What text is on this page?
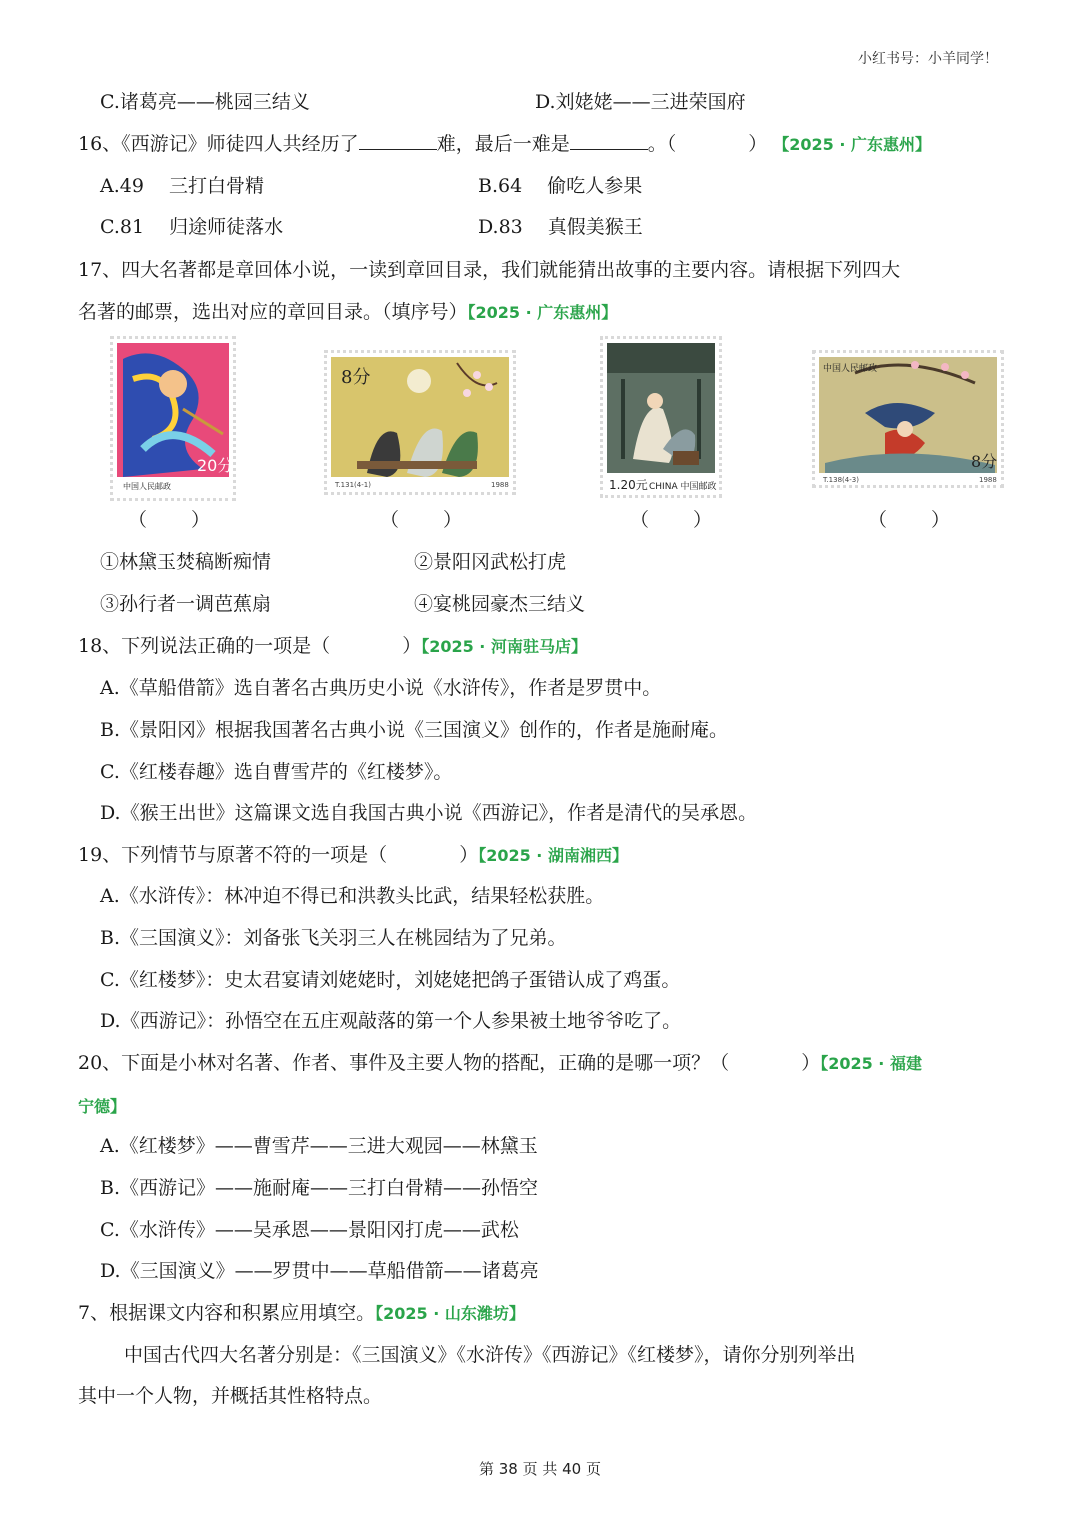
小红书号：小羊同学！
C.诸葛亮——桃园三结义	D.刘姥姥——三进荣国府
16、《西游记》师徒四人共经历了	难，最后一难是	。（	） 【2025 · 广东惠州】
A.49　 三打白骨精	B.64　 偷吃人参果
C.81　 归途师徒落水	D.83　 真假美猴王
17、四大名著都是章回体小说，一读到章回目录，我们就能猜出故事的主要内容。请根据下列四大
名著的邮票，选出对应的章回目录。（填序号）【2025 · 广东惠州】
20分
中国人民邮政
8分
T.131(4-1)	1988	1.20元 CHINA 中国邮政
中国人民邮政
8分
T.138(4-3)	1988
（ ）	（ ）	（ ）	（ ）
①林黛玉焚稿断痴情	②景阳冈武松打虎
③孙行者一调芭蕉扇	④宴桃园豪杰三结义
18、下列说法正确的一项是（	）【2025 · 河南驻马店】
A.《草船借箭》选自著名古典历史小说《水浒传》，作者是罗贯中。
B.《景阳冈》根据我国著名古典小说《三国演义》创作的，作者是施耐庵。
C.《红楼春趣》选自曹雪芹的《红楼梦》。
D.《猴王出世》这篇课文选自我国古典小说《西游记》，作者是清代的吴承恩。
19、下列情节与原著不符的一项是（	）【2025 · 湖南湘西】
A.《水浒传》：林冲迫不得已和洪教头比武，结果轻松获胜。
B.《三国演义》：刘备张飞关羽三人在桃园结为了兄弟。
C.《红楼梦》：史太君宴请刘姥姥时，刘姥姥把鸽子蛋错认成了鸡蛋。
D.《西游记》：孙悟空在五庄观敲落的第一个人参果被土地爷爷吃了。
20、下面是小林对名著、作者、事件及主要人物的搭配，正确的是哪一项？（	）【2025 · 福建
宁德】
A.《红楼梦》——曹雪芹——三进大观园——林黛玉
B.《西游记》——施耐庵——三打白骨精——孙悟空
C.《水浒传》——吴承恩——景阳冈打虎——武松
D.《三国演义》——罗贯中——草船借箭——诸葛亮
7、根据课文内容和积累应用填空。【2025 · 山东潍坊】
中国古代四大名著分别是：《三国演义》《水浒传》《西游记》《红楼梦》，请你分别列举出
其中一个人物，并概括其性格特点。
第 38 页 共 40 页
